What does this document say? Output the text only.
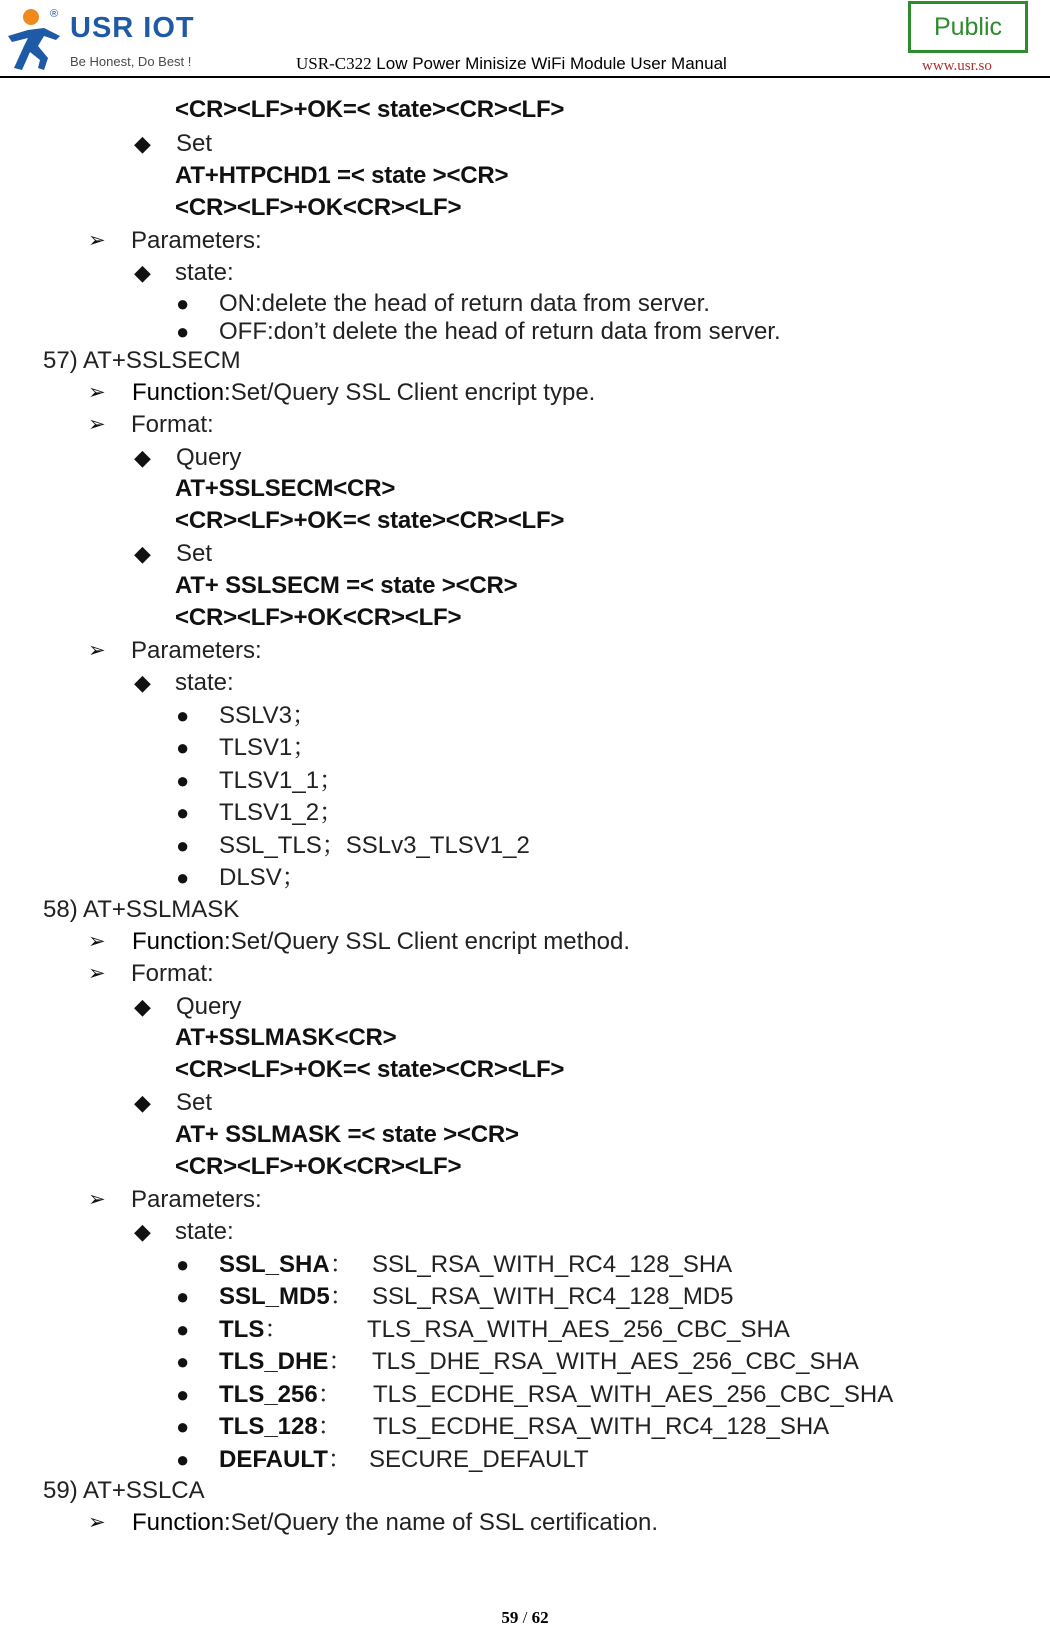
® USR IOT
Be Honest, Do Best !	USR-C322 Low Power Minisize WiFi Module User Manual
Public
www.usr.so
<CR><LF>+OK=< state><CR><LF>
◆ Set
AT+HTPCHD1 =< state ><CR>
<CR><LF>+OK<CR><LF>
➢ Parameters:
◆ state:
● ON:delete the head of return data from server.
● OFF:don’t delete the head of return data from server.
57) AT+SSLSECM
➢ Function:Set/Query SSL Client encript type.
➢ Format:
◆ Query
AT+SSLSECM<CR>
<CR><LF>+OK=< state><CR><LF>
◆ Set
AT+ SSLSECM =< state ><CR>
<CR><LF>+OK<CR><LF>
➢ Parameters:
◆ state:
● SSLV3；
● TLSV1；
● TLSV1_1；
● TLSV1_2；
● SSL_TLS；SSLv3_TLSV1_2
● DLSV；
58) AT+SSLMASK
➢ Function:Set/Query SSL Client encript method.
➢ Format:
◆ Query
AT+SSLMASK<CR>
<CR><LF>+OK=< state><CR><LF>
◆ Set
AT+ SSLMASK =< state ><CR>
<CR><LF>+OK<CR><LF>
➢ Parameters:
◆ state:
● SSL_SHA： SSL_RSA_WITH_RC4_128_SHA
● SSL_MD5： SSL_RSA_WITH_RC4_128_MD5
● TLS：	TLS_RSA_WITH_AES_256_CBC_SHA
● TLS_DHE： TLS_DHE_RSA_WITH_AES_256_CBC_SHA
● TLS_256： TLS_ECDHE_RSA_WITH_AES_256_CBC_SHA
● TLS_128： TLS_ECDHE_RSA_WITH_RC4_128_SHA
● DEFAULT： SECURE_DEFAULT
59) AT+SSLCA
➢ Function:Set/Query the name of SSL certification.
59 / 62
